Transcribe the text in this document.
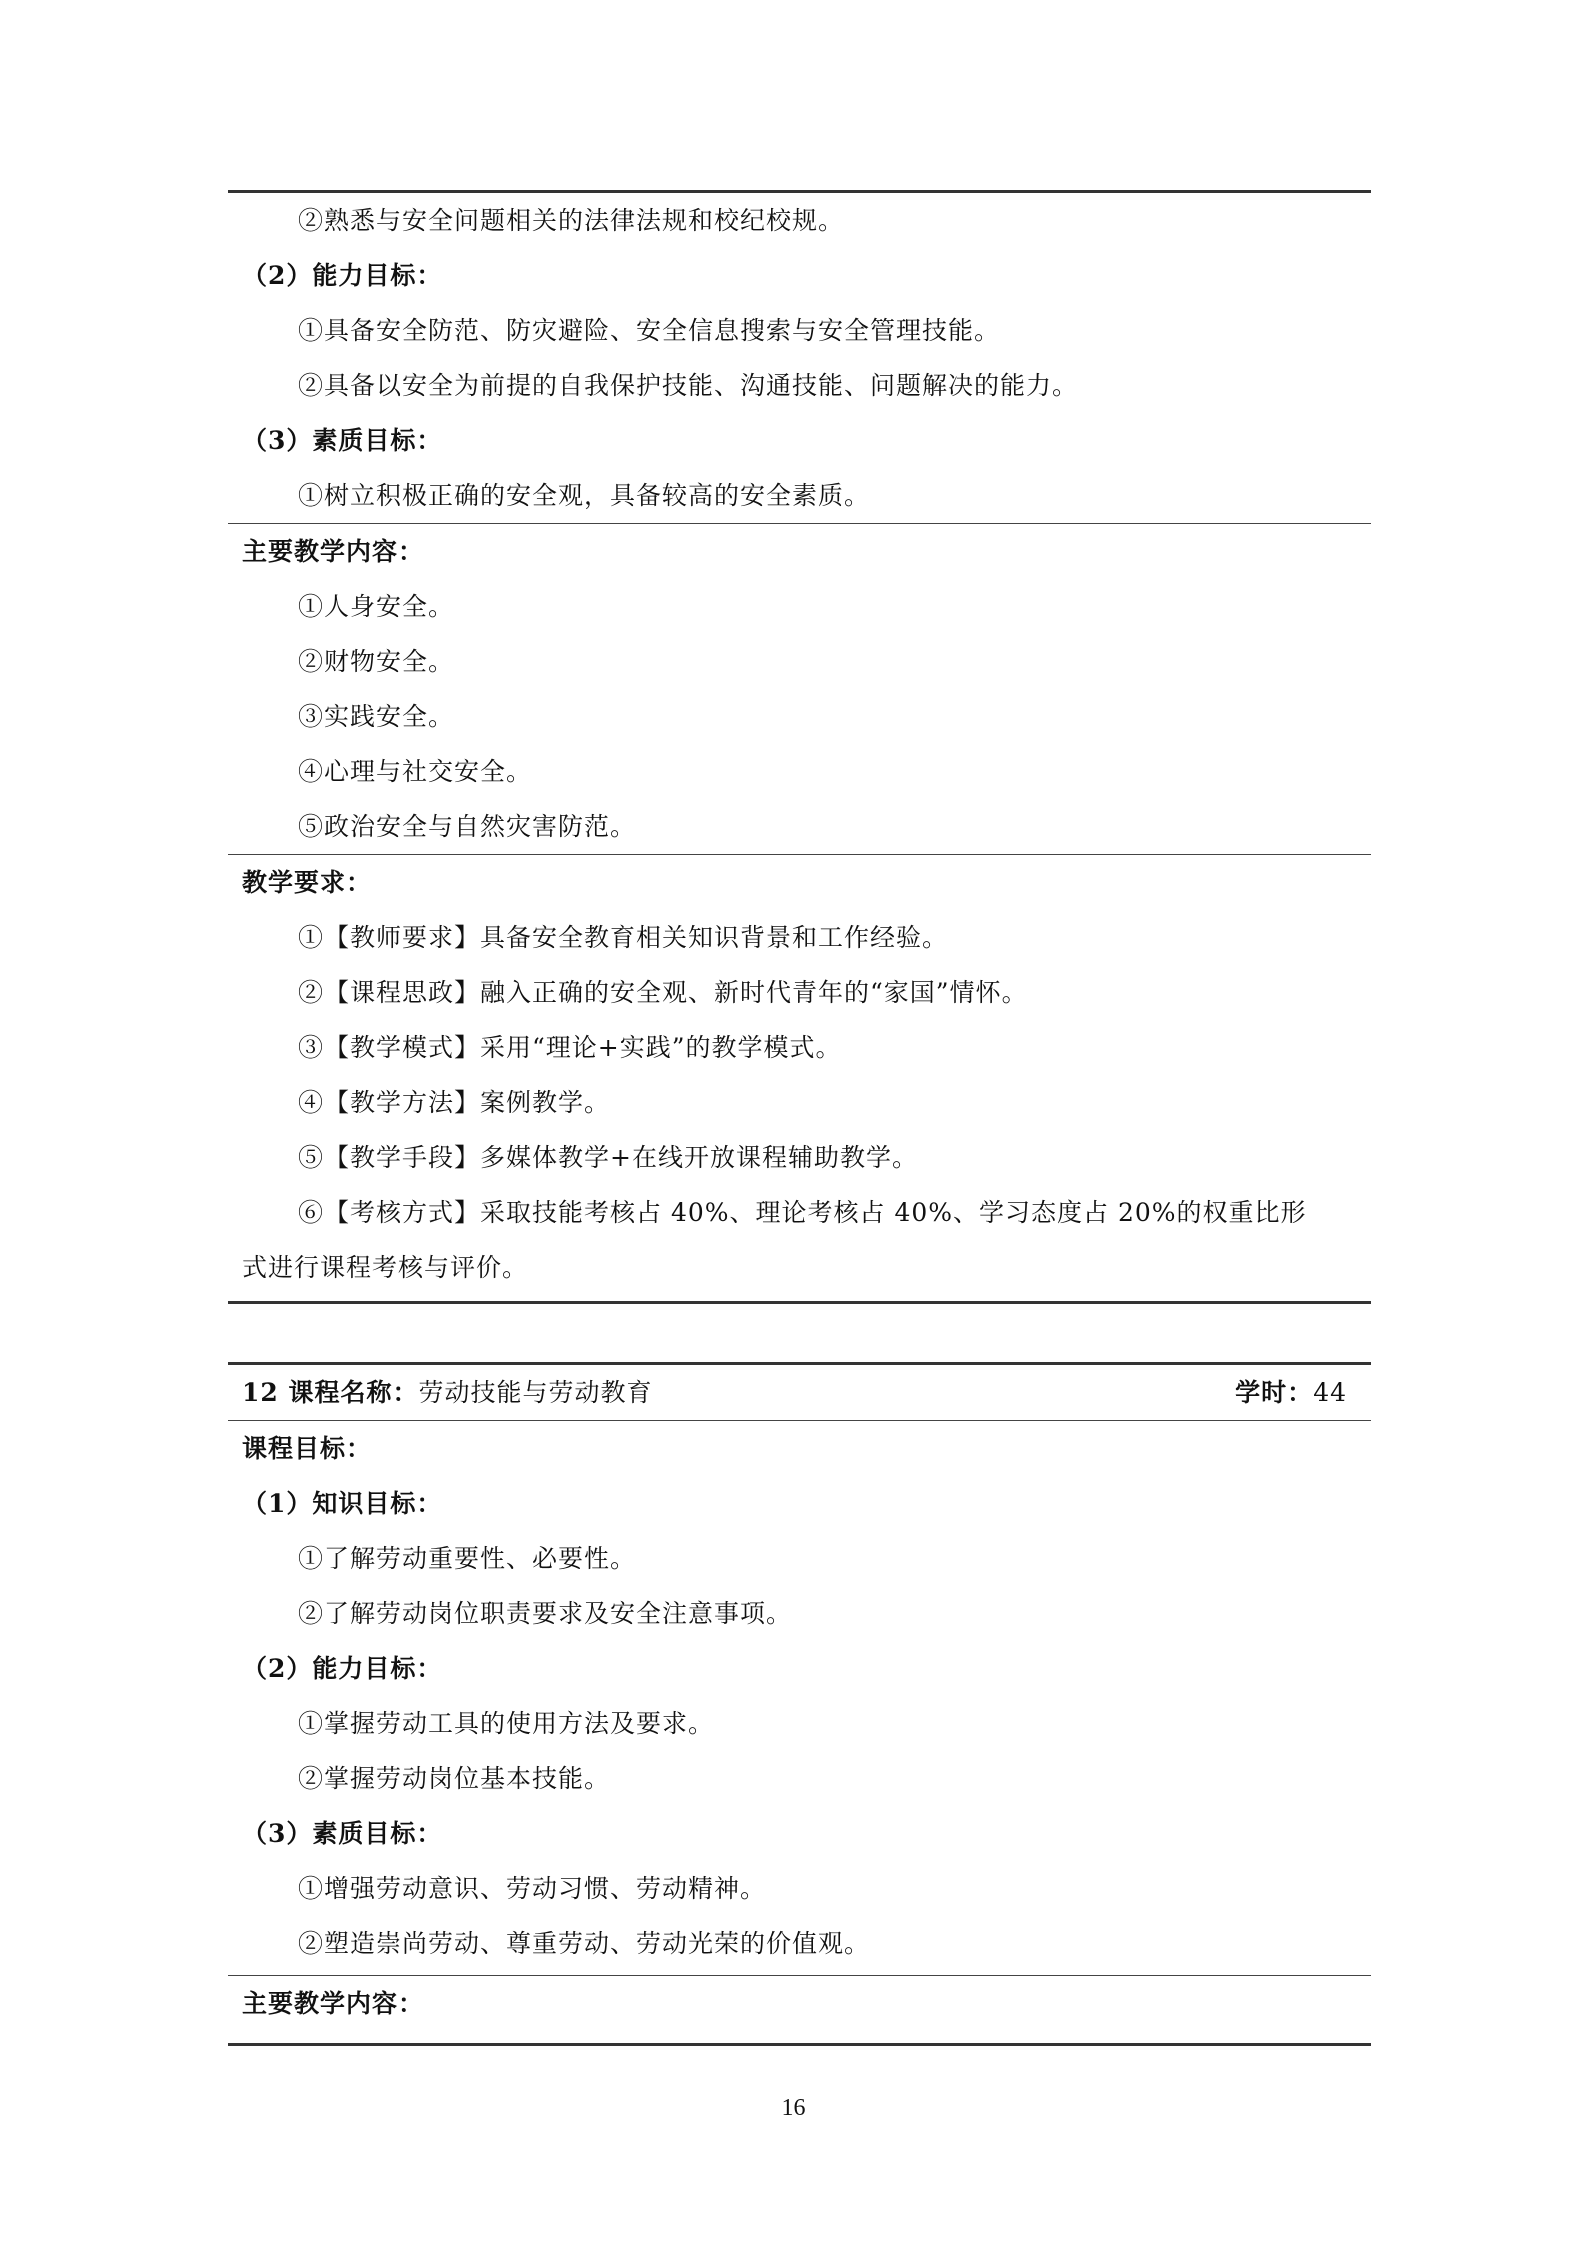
②熟悉与安全问题相关的法律法规和校纪校规。
（2）能力目标：
①具备安全防范、防灾避险、安全信息搜索与安全管理技能。
②具备以安全为前提的自我保护技能、沟通技能、问题解决的能力。
（3）素质目标：
①树立积极正确的安全观，具备较高的安全素质。
主要教学内容：
①人身安全。
②财物安全。
③实践安全。
④心理与社交安全。
⑤政治安全与自然灾害防范。
教学要求：
①【教师要求】具备安全教育相关知识背景和工作经验。
②【课程思政】融入正确的安全观、新时代青年的“家国”情怀。
③【教学模式】采用“理论+实践”的教学模式。
④【教学方法】案例教学。
⑤【教学手段】多媒体教学+在线开放课程辅助教学。
⑥【考核方式】采取技能考核占 40%、理论考核占 40%、学习态度占 20%的权重比形
式进行课程考核与评价。
12 课程名称：劳动技能与劳动教育	学时：44
课程目标：
（1）知识目标：
①了解劳动重要性、必要性。
②了解劳动岗位职责要求及安全注意事项。
（2）能力目标：
①掌握劳动工具的使用方法及要求。
②掌握劳动岗位基本技能。
（3）素质目标：
①增强劳动意识、劳动习惯、劳动精神。
②塑造崇尚劳动、尊重劳动、劳动光荣的价值观。
主要教学内容：
16
